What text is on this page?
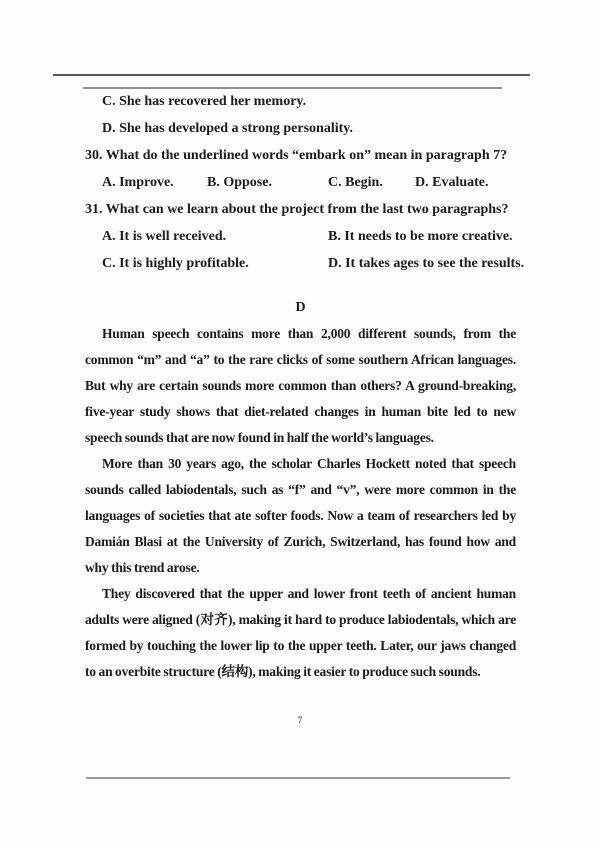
C. She has recovered her memory.
D. She has developed a strong personality.
30. What do the underlined words “embark on” mean in paragraph 7?
A. Improve. B. Oppose.	C. Begin. D. Evaluate.
31. What can we learn about the project from the last two paragraphs?
A. It is well received.	B. It needs to be more creative.
C. It is highly profitable.	D. It takes ages to see the results.
D

Human speech contains more than 2,000 different sounds, from the common “m” and “a” to the rare clicks of some southern African languages. But why are certain sounds more common than others? A ground-breaking, five-year study shows that diet-related changes in human bite led to new speech sounds that are now found in half the world’s languages.

More than 30 years ago, the scholar Charles Hockett noted that speech sounds called labiodentals, such as “f” and “v”, were more common in the languages of societies that ate softer foods. Now a team of researchers led by Damián Blasi at the University of Zurich, Switzerland, has found how and why this trend arose.

They discovered that the upper and lower front teeth of ancient human adults were aligned (对齐), making it hard to produce labiodentals, which are formed by touching the lower lip to the upper teeth. Later, our jaws changed to an overbite structure (结构), making it easier to produce such sounds.

7
